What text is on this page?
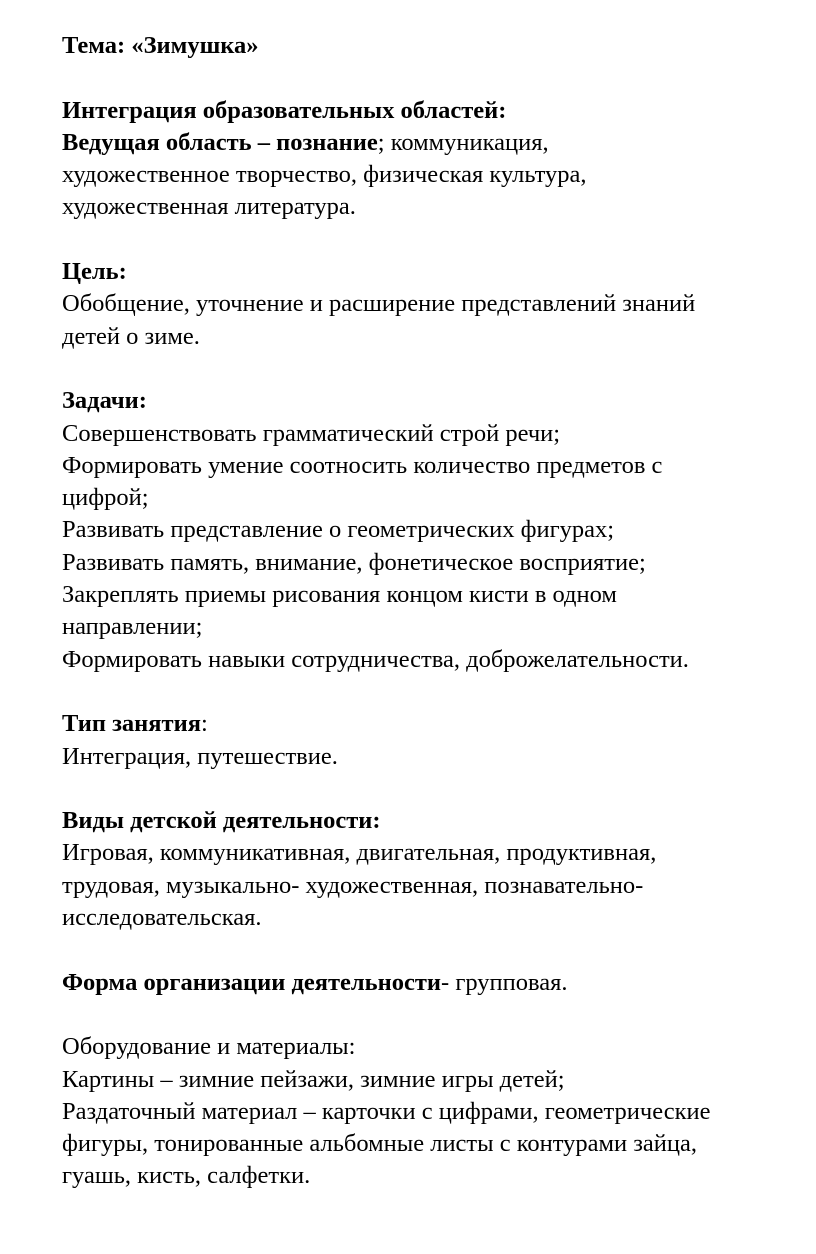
Тема: «Зимушка»
Интеграция образовательных областей:
Ведущая область – познание; коммуникация,
художественное творчество, физическая культура,
художественная литература.
Цель:
Обобщение, уточнение и расширение представлений знаний
детей о зиме.
Задачи:
Совершенствовать грамматический строй речи;
Формировать умение соотносить количество предметов с
цифрой;
Развивать представление о геометрических фигурах;
Развивать память, внимание, фонетическое восприятие;
Закреплять приемы рисования концом кисти в одном
направлении;
Формировать навыки сотрудничества, доброжелательности.
Тип занятия:
Интеграция, путешествие.
Виды детской деятельности:
Игровая, коммуникативная, двигательная, продуктивная,
трудовая, музыкально- художественная, познавательно-
исследовательская.
Форма организации деятельности- групповая.
Оборудование и материалы:
Картины – зимние пейзажи, зимние игры детей;
Раздаточный материал – карточки с цифрами, геометрические
фигуры, тонированные альбомные листы с контурами зайца,
гуашь, кисть, салфетки.
